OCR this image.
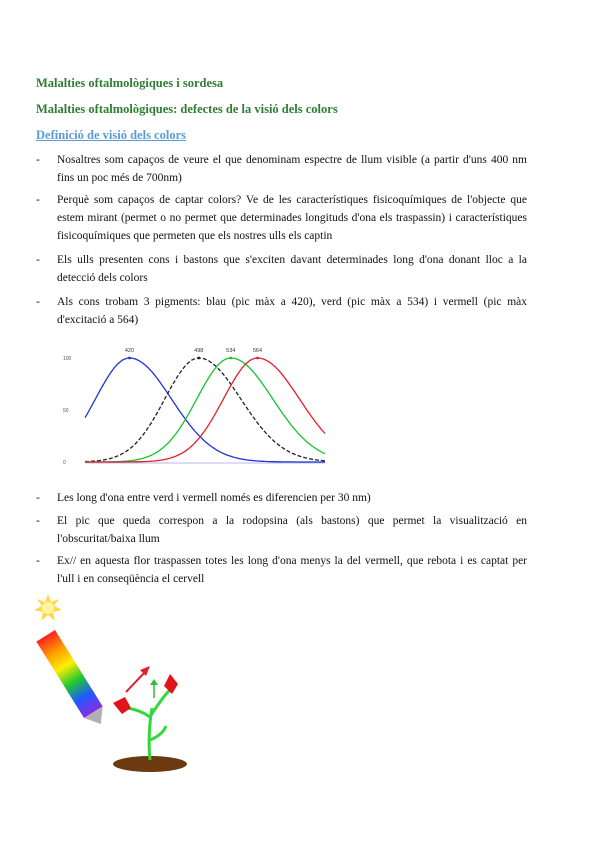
Malalties oftalmològiques i sordesa
Malalties oftalmològiques: defectes de la visió dels colors
Definició de visió dels colors
- Nosaltres som capaços de veure el que denominam espectre de llum visible (a partir d'uns 400 nm fins un poc més de 700nm)
- Perquè som capaços de captar colors? Ve de les característiques fisicoquímiques de l'objecte que estem mirant (permet o no permet que determinades longituds d'ona els traspassin) i característiques fisicoquímiques que permeten que els nostres ulls els captin
- Els ulls presenten cons i bastons que s'exciten davant determinades long d'ona donant lloc a la detecció dels colors
- Als cons trobam 3 pigments: blau (pic màx a 420), verd (pic màx a 534) i vermell (pic màx d'excitació a 564)
100
50
0
420	498	534	564
- Les long d'ona entre verd i vermell només es diferencien per 30 nm)
- El pic que queda correspon a la rodopsina (als bastons) que permet la visualització en l'obscuritat/baixa llum
- Ex// en aquesta flor traspassen totes les long d'ona menys la del vermell, que rebota i es captat per l'ull i en conseqüència el cervell
